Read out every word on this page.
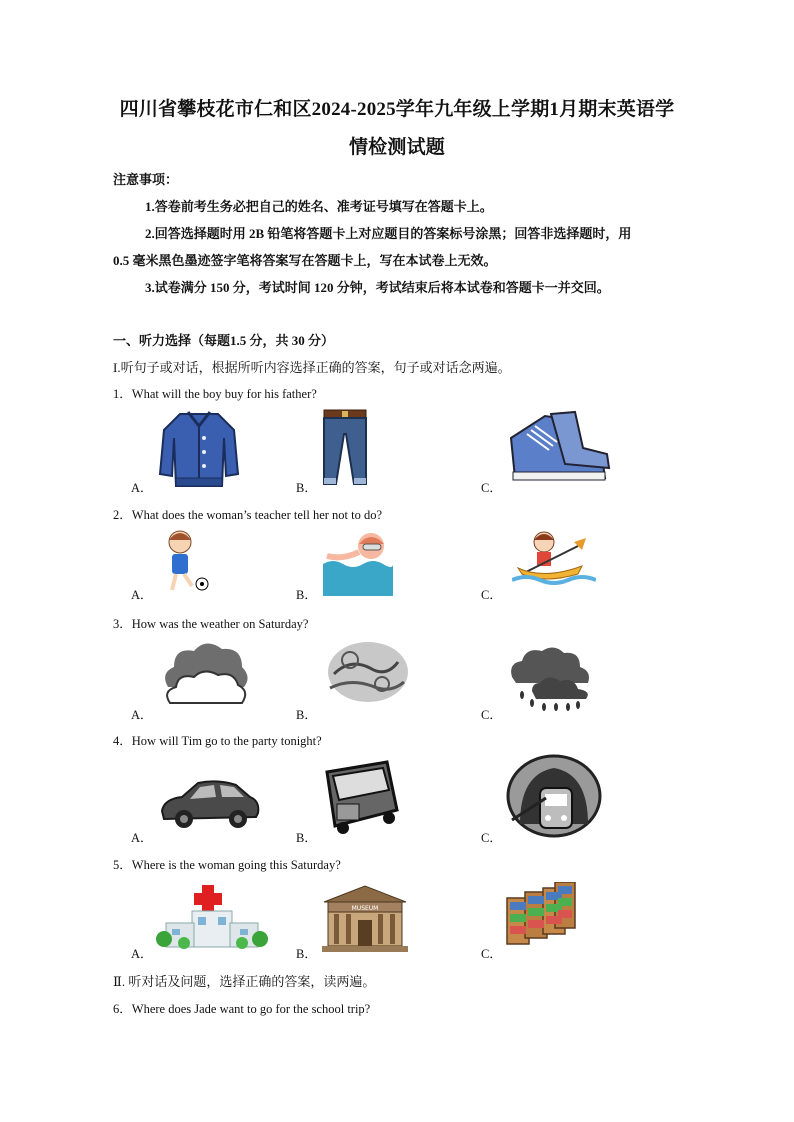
四川省攀枝花市仁和区2024-2025学年九年级上学期1月期末英语学
情检测试题
注意事项：
1.答卷前考生务必把自己的姓名、准考证号填写在答题卡上。
2.回答选择题时用 2B 铅笔将答题卡上对应题目的答案标号涂黑；回答非选择题时，用
0.5 毫米黑色墨迹签字笔将答案写在答题卡上，写在本试卷上无效。
3.试卷满分 150 分，考试时间 120 分钟，考试结束后将本试卷和答题卡一并交回。
一、听力选择（每题1.5 分，共 30 分）
I.听句子或对话，根据所听内容选择正确的答案，句子或对话念两遍。
1．What will the boy buy for his father?
A．	B．	C．
2．What does the woman’s teacher tell her not to do?
A．	B．	C．
3．How was the weather on Saturday?
A．	B．	C．
4．How will Tim go to the party tonight?
A．	B．	C．
5．Where is the woman going this Saturday?
MUSEUM
A．	B．	C．
Ⅱ. 听对话及问题，选择正确的答案，读两遍。
6．Where does Jade want to go for the school trip?
